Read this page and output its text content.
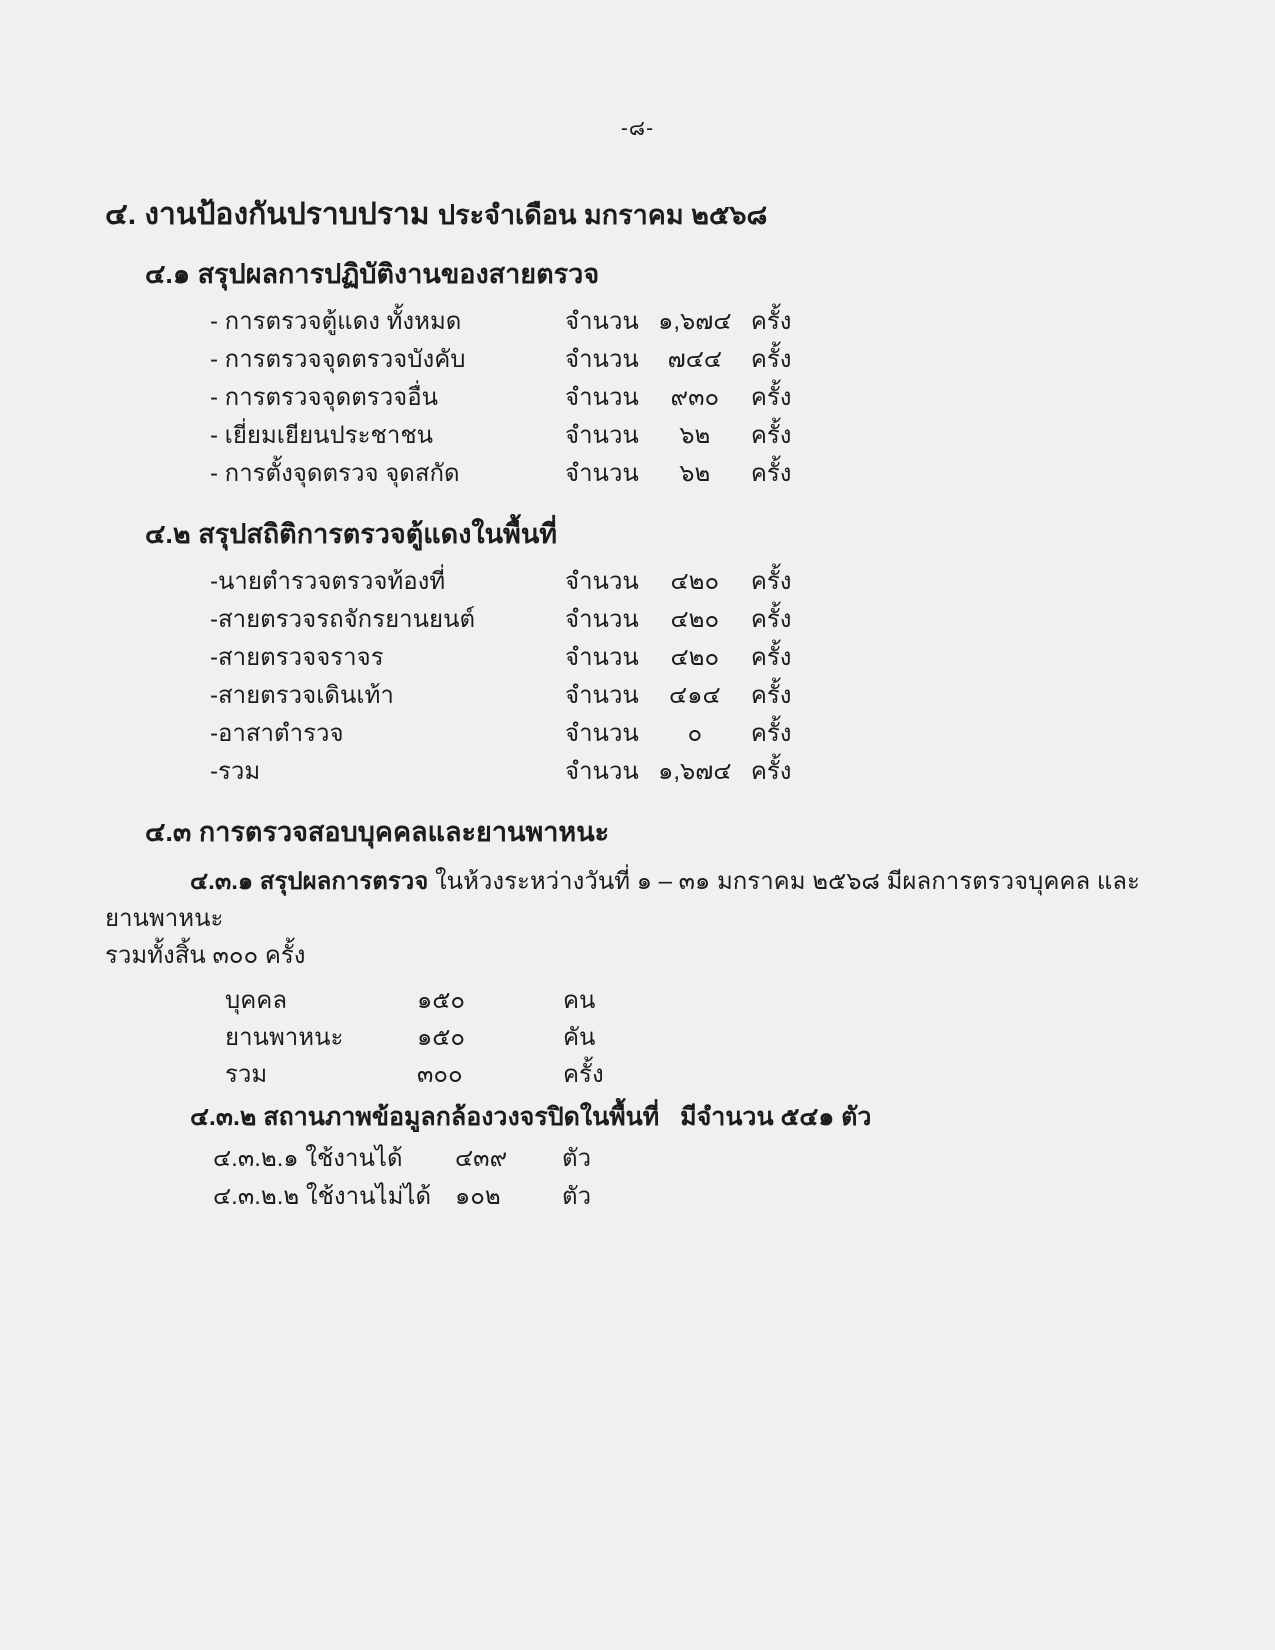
-๘-
๔. งานป้องกันปราบปราม ประจำเดือน มกราคม ๒๕๖๘
๔.๑ สรุปผลการปฏิบัติงานของสายตรวจ
- การตรวจตู้แดง ทั้งหมด	จำนวน ๑,๖๗๔ ครั้ง
- การตรวจจุดตรวจบังคับ	จำนวน	๗๔๔	ครั้ง
- การตรวจจุดตรวจอื่น	จำนวน	๙๓๐	ครั้ง
- เยี่ยมเยียนประชาชน	จำนวน	๖๒	ครั้ง
- การตั้งจุดตรวจ จุดสกัด	จำนวน	๖๒	ครั้ง
๔.๒ สรุปสถิติการตรวจตู้แดงในพื้นที่
-นายตำรวจตรวจท้องที่	จำนวน	๔๒๐	ครั้ง
-สายตรวจรถจักรยานยนต์	จำนวน	๔๒๐	ครั้ง
-สายตรวจจราจร	จำนวน	๔๒๐	ครั้ง
-สายตรวจเดินเท้า	จำนวน	๔๑๔	ครั้ง
-อาสาตำรวจ	จำนวน	๐	ครั้ง
-รวม	จำนวน ๑,๖๗๔ ครั้ง
๔.๓ การตรวจสอบบุคคลและยานพาหนะ
๔.๓.๑ สรุปผลการตรวจ ในห้วงระหว่างวันที่ ๑ – ๓๑ มกราคม ๒๕๖๘ มีผลการตรวจบุคคล และ ยานพาหนะ
รวมทั้งสิ้น ๓๐๐ ครั้ง
บุคคล	๑๕๐	คน
ยานพาหนะ	๑๕๐	คัน
รวม	๓๐๐	ครั้ง
๔.๓.๒ สถานภาพข้อมูลกล้องวงจรปิดในพื้นที่ มีจำนวน ๕๔๑ ตัว
๔.๓.๒.๑ ใช้งานได้	๔๓๙	ตัว
๔.๓.๒.๒ ใช้งานไม่ได้ ๑๐๒	ตัว
